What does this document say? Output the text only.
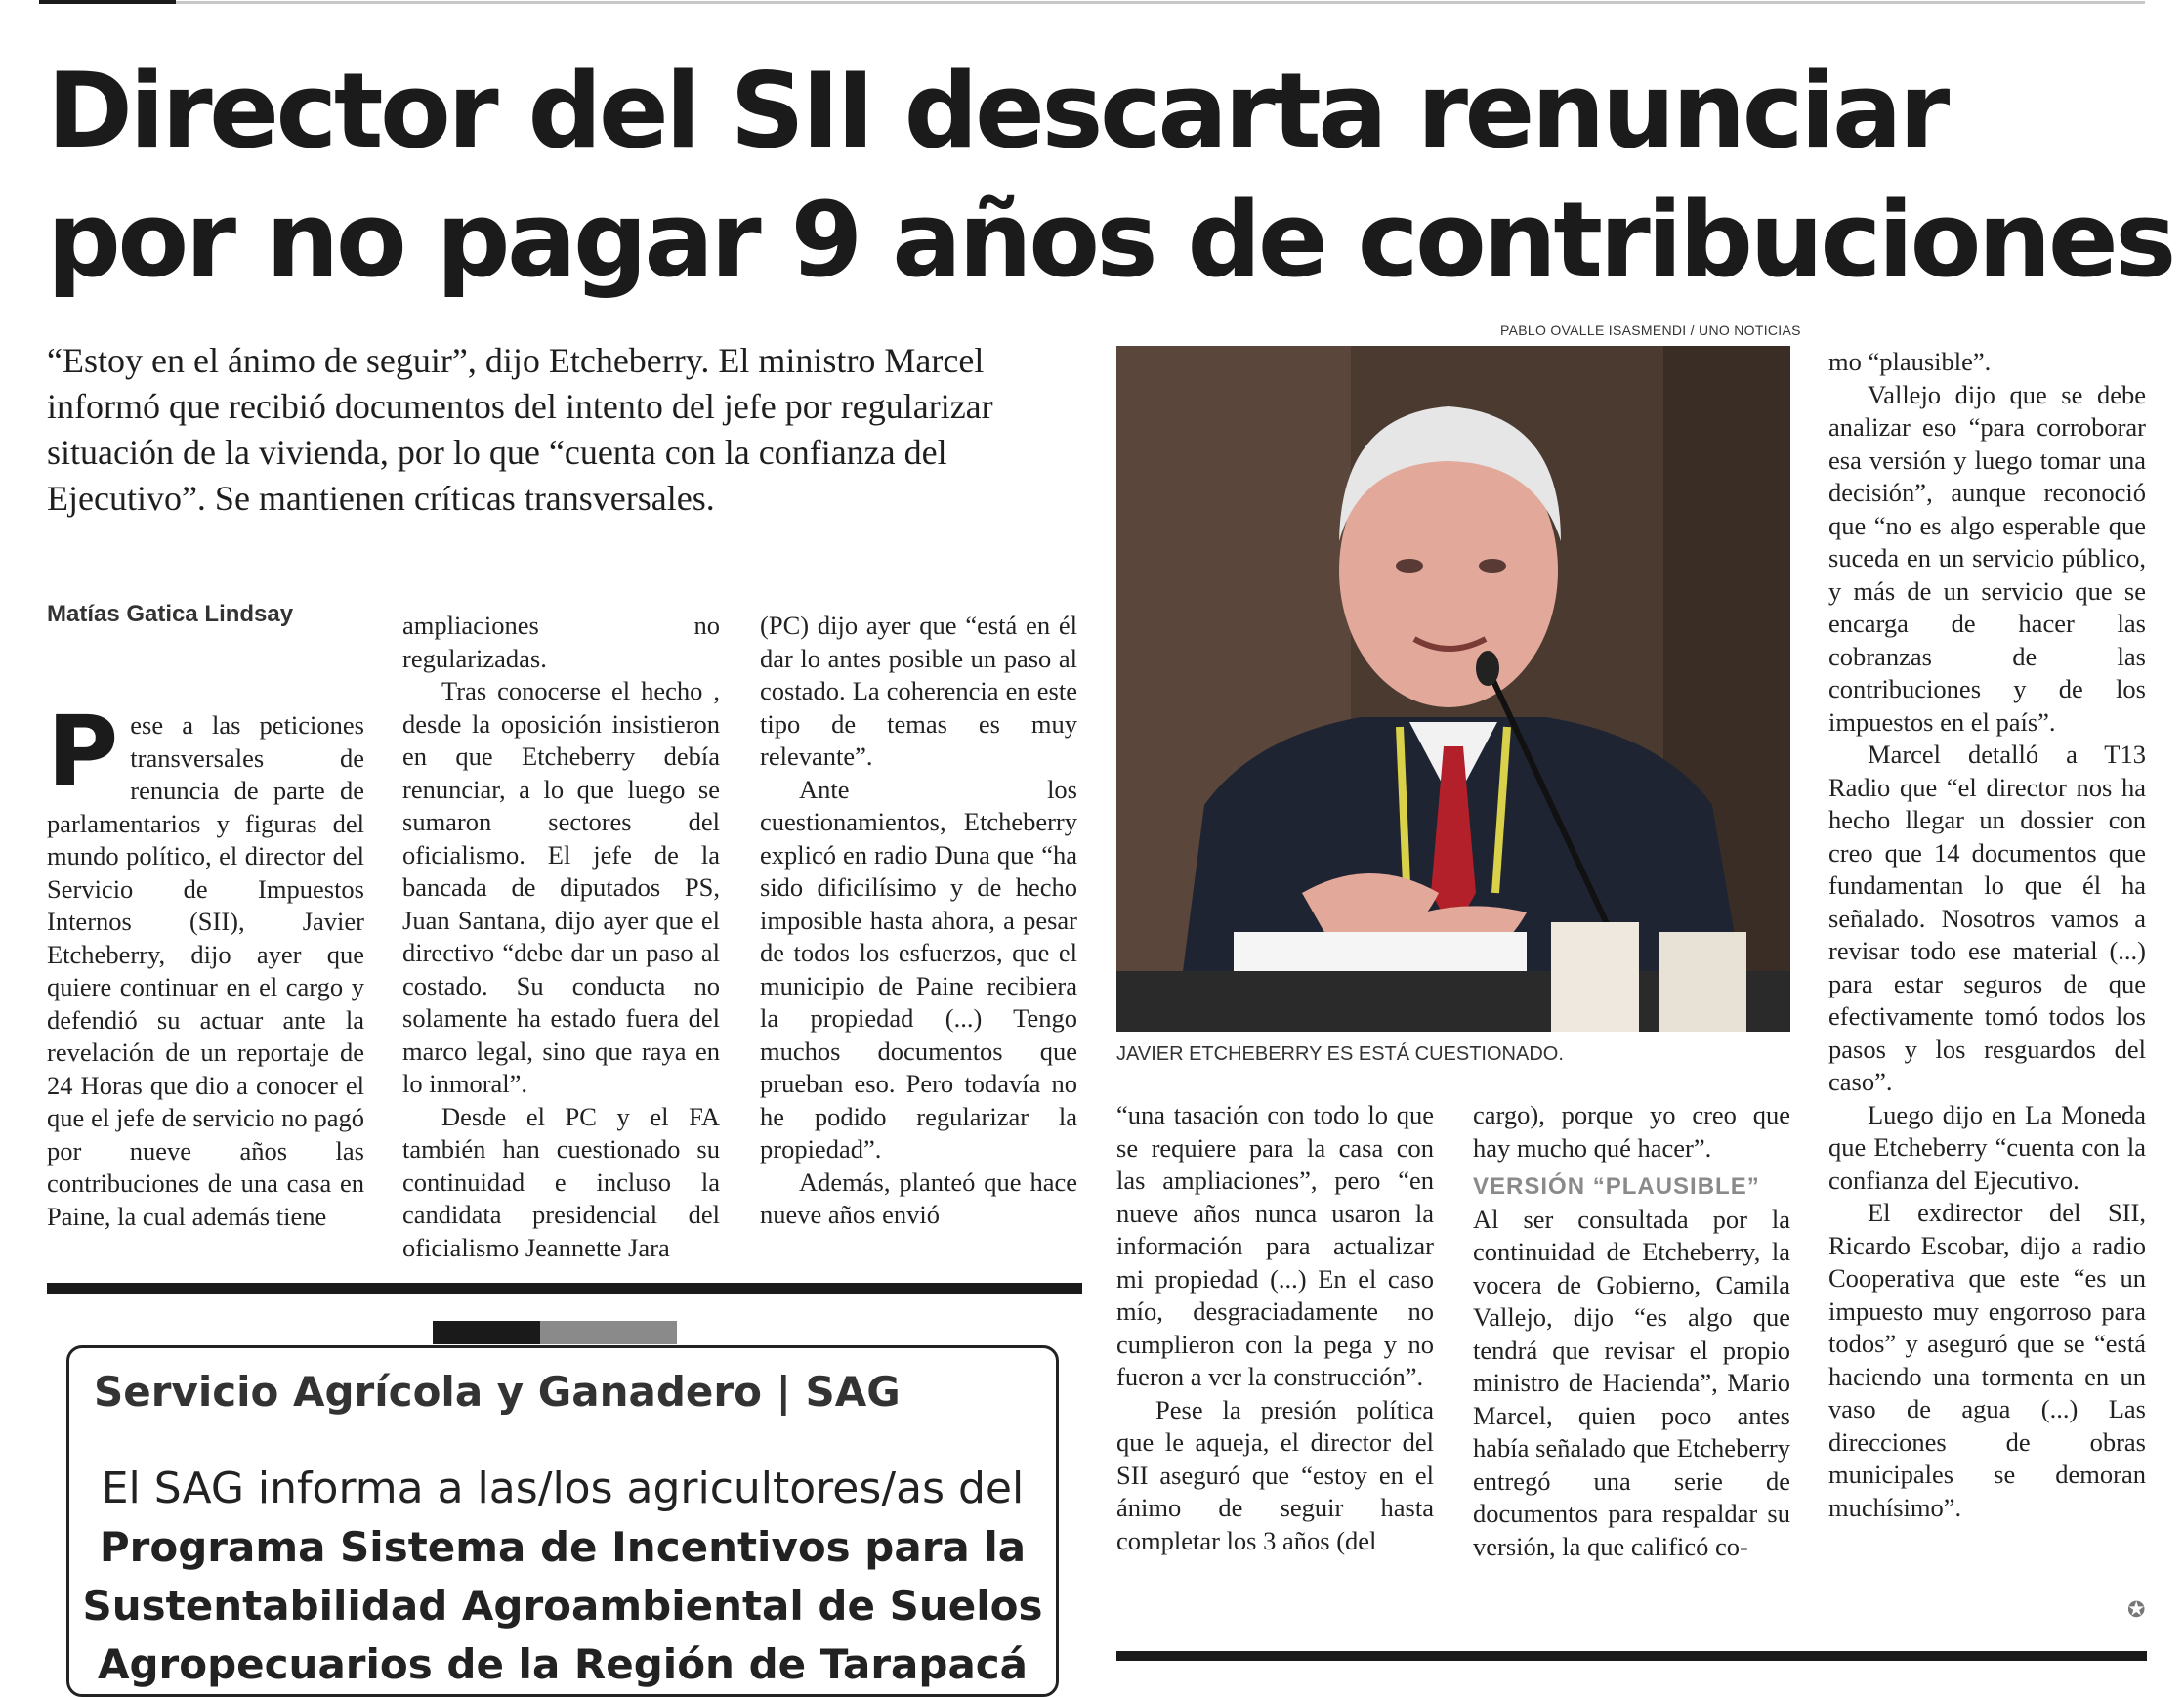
Director del SII descarta renunciar
por no pagar 9 años de contribuciones

“Estoy en el ánimo de seguir”, dijo Etcheberry. El ministro Marcel informó que recibió documentos del intento del jefe por regularizar situación de la vivienda, por lo que “cuenta con la confianza del Ejecutivo”. Se mantienen críticas transversales.

Matías Gatica Lindsay

Pese a las peticiones transversales de renuncia de parte de parlamentarios y figuras del mundo político, el director del Servicio de Impuestos Internos (SII), Javier Etcheberry, dijo ayer que quiere continuar en el cargo y defendió su actuar ante la revelación de un reportaje de 24 Horas que dio a conocer el que el jefe de servicio no pagó por nueve años las contribuciones de una casa en Paine, la cual además tiene

ampliaciones no regularizadas.

Tras conocerse el hecho , desde la oposición insistieron en que Etcheberry debía renunciar, a lo que luego se sumaron sectores del oficialismo. El jefe de la bancada de diputados PS, Juan Santana, dijo ayer que el directivo “debe dar un paso al costado. Su conducta no solamente ha estado fuera del marco legal, sino que raya en lo inmoral”.

Desde el PC y el FA también han cuestionado su continuidad e incluso la candidata presidencial del oficialismo Jeannette Jara

(PC) dijo ayer que “está en él dar lo antes posible un paso al costado. La coherencia en este tipo de temas es muy relevante”.

Ante los cuestionamientos, Etcheberry explicó en radio Duna que “ha sido dificilísimo y de hecho imposible hasta ahora, a pesar de todos los esfuerzos, que el municipio de Paine recibiera la propiedad (...) Tengo muchos documentos que prueban eso. Pero todavía no he podido regularizar la propiedad”.

Además, planteó que hace nueve años envió

PABLO OVALLE ISASMENDI / UNO NOTICIAS
JAVIER ETCHEBERRY ES ESTÁ CUESTIONADO.

“una tasación con todo lo que se requiere para la casa con las ampliaciones”, pero “en nueve años nunca usaron la información para actualizar mi propiedad (...) En el caso mío, desgraciadamente no cumplieron con la pega y no fueron a ver la construcción”.

Pese la presión política que le aqueja, el director del SII aseguró que “estoy en el ánimo de seguir hasta completar los 3 años (del

cargo), porque yo creo que hay mucho qué hacer”.

VERSIÓN “PLAUSIBLE”

Al ser consultada por la continuidad de Etcheberry, la vocera de Gobierno, Camila Vallejo, dijo “es algo que tendrá que revisar el propio ministro de Hacienda”, Mario Marcel, quien poco antes había señalado que Etcheberry entregó una serie de documentos para respaldar su versión, la que calificó co-

mo “plausible”.

Vallejo dijo que se debe analizar eso “para corroborar esa versión y luego tomar una decisión”, aunque reconoció que “no es algo esperable que suceda en un servicio público, y más de un servicio que se encarga de hacer las cobranzas de las contribuciones y de los impuestos en el país”.

Marcel detalló a T13 Radio que “el director nos ha hecho llegar un dossier con creo que 14 documentos que fundamentan lo que él ha señalado. Nosotros vamos a revisar todo ese material (...) para estar seguros de que efectivamente tomó todos los pasos y los resguardos del caso”.

Luego dijo en La Moneda que Etcheberry “cuenta con la confianza del Ejecutivo.

El exdirector del SII, Ricardo Escobar, dijo a radio Cooperativa que este “es un impuesto muy engorroso para todos” y aseguró que se “está haciendo una tormenta en un vaso de agua (...) Las direcciones de obras municipales se demoran muchísimo”.

✪
Servicio Agrícola y Ganadero | SAG
El SAG informa a las/los agricultores/as del
Programa Sistema de Incentivos para la
Sustentabilidad Agroambiental de Suelos
Agropecuarios de la Región de Tarapacá
